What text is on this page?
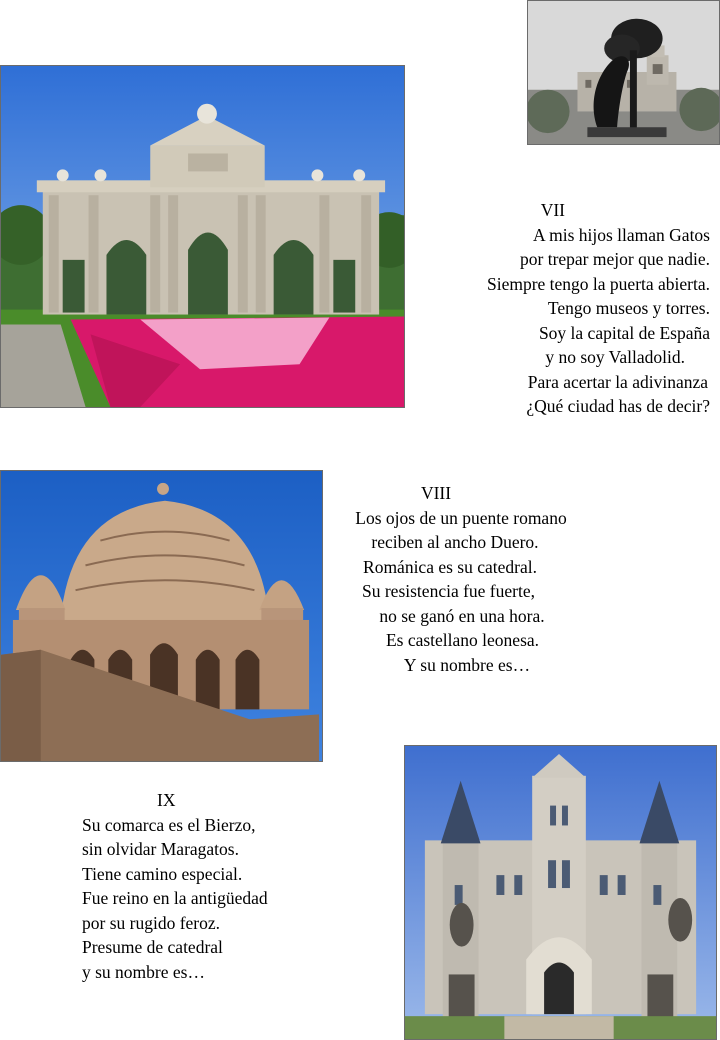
VII
A mis hijos llaman Gatos
por trepar mejor que nadie.
Siempre tengo la puerta abierta.
Tengo museos y torres.
Soy la capital de España
y no soy Valladolid.
Para acertar la adivinanza
¿Qué ciudad has de decir?
VIII
Los ojos de un puente romano
reciben al ancho Duero.
Románica es su catedral.
Su resistencia fue fuerte,
no se ganó en una hora.
Es castellano leonesa.
Y su nombre es…
IX
Su comarca es el Bierzo,
sin olvidar Maragatos.
Tiene camino especial.
Fue reino en la antigüedad
por su rugido feroz.
Presume de catedral
y su nombre es…
